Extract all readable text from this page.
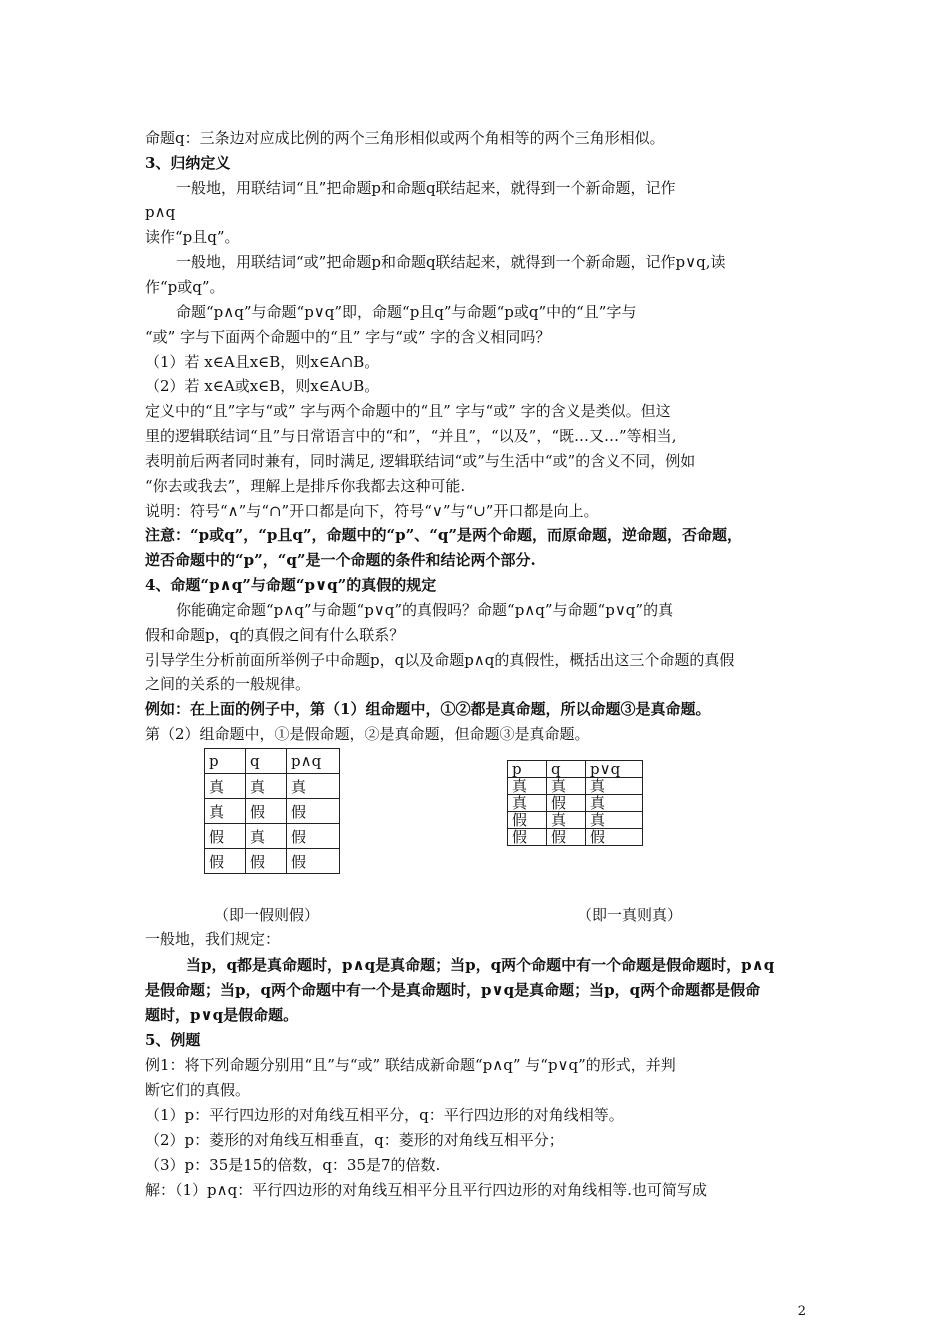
命题q：三条边对应成比例的两个三角形相似或两个角相等的两个三角形相似。
3、归纳定义
一般地，用联结词“且”把命题p和命题q联结起来，就得到一个新命题，记作
p∧q
读作“p且q”。
一般地，用联结词“或”把命题p和命题q联结起来，就得到一个新命题，记作p∨q,读
作“p或q”。
命题“p∧q”与命题“p∨q”即，命题“p且q”与命题“p或q”中的“且”字与
“或” 字与下面两个命题中的“且” 字与“或” 字的含义相同吗？
（1）若 x∈A且x∈B，则x∈A∩B。
（2）若 x∈A或x∈B，则x∈A∪B。
定义中的“且”字与“或” 字与两个命题中的“且” 字与“或” 字的含义是类似。但这
里的逻辑联结词“且”与日常语言中的“和”，“并且”，“以及”，“既…又…”等相当,
表明前后两者同时兼有，同时满足, 逻辑联结词“或”与生活中“或”的含义不同，例如
“你去或我去”，理解上是排斥你我都去这种可能.
说明：符号“∧”与“∩”开口都是向下，符号“∨”与“∪”开口都是向上。
注意：“p或q”，“p且q”，命题中的“p”、“q”是两个命题，而原命题，逆命题，否命题，
逆否命题中的“p”，“q”是一个命题的条件和结论两个部分.
4、命题“p∧q”与命题“p∨q”的真假的规定
你能确定命题“p∧q”与命题“p∨q”的真假吗？命题“p∧q”与命题“p∨q”的真
假和命题p，q的真假之间有什么联系？
引导学生分析前面所举例子中命题p，q以及命题p∧q的真假性，概括出这三个命题的真假
之间的关系的一般规律。
例如：在上面的例子中，第（1）组命题中，①②都是真命题，所以命题③是真命题。
第（2）组命题中，①是假命题，②是真命题，但命题③是真命题。
p	q	p∧q
真	真	真
真	假	假
假	真	假
假	假	假
p	q	p∨q
真	真	真
真	假	真
假	真	真
假	假	假
（即一假则假）	（即一真则真）
一般地，我们规定：
当p，q都是真命题时，p∧q是真命题；当p，q两个命题中有一个命题是假命题时，p∧q
是假命题；当p，q两个命题中有一个是真命题时，p∨q是真命题；当p，q两个命题都是假命
题时，p∨q是假命题。
5、例题
例1：将下列命题分别用“且”与“或” 联结成新命题“p∧q” 与“p∨q”的形式，并判
断它们的真假。
（1）p：平行四边形的对角线互相平分，q：平行四边形的对角线相等。
（2）p：菱形的对角线互相垂直，q：菱形的对角线互相平分；
（3）p：35是15的倍数，q：35是7的倍数.
解：（1）p∧q：平行四边形的对角线互相平分且平行四边形的对角线相等.也可简写成
2
